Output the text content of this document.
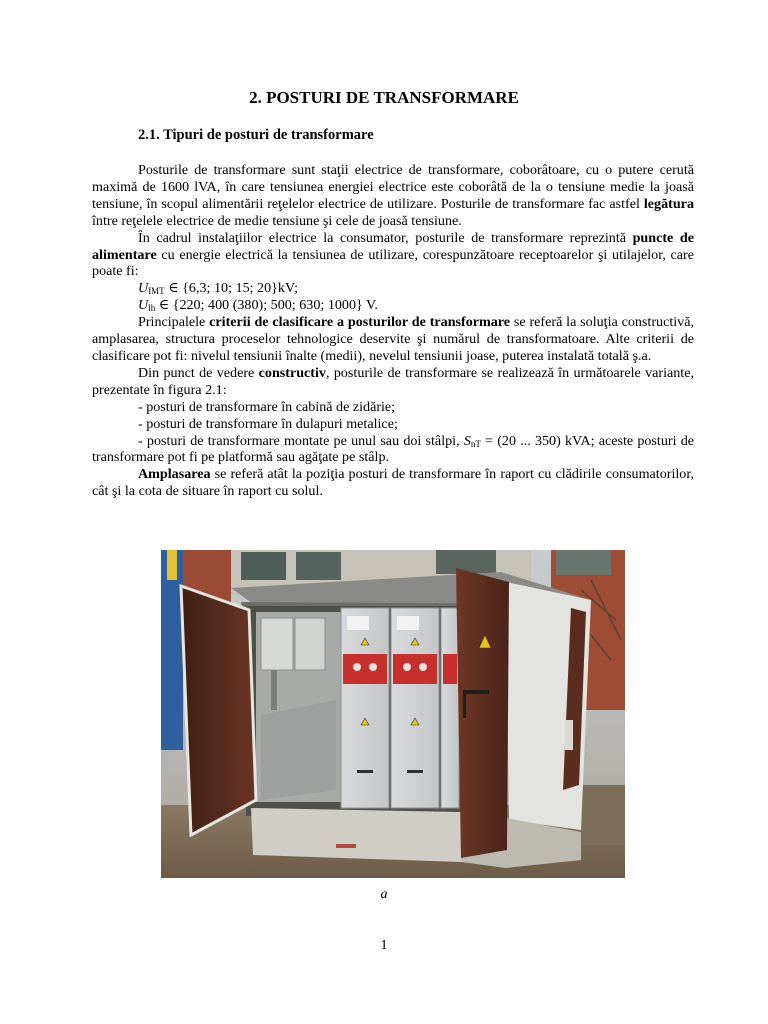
2. POSTURI DE TRANSFORMARE
2.1. Tipuri de posturi de transformare

Posturile de transformare sunt staţii electrice de transformare, coborâtoare, cu o putere cerută maximă de 1600 lVA, în care tensiunea energiei electrice este coborâtă de la o tensiune medie la joasă tensiune, în scopul alimentării reţelelor electrice de utilizare. Posturile de transformare fac astfel legătura între reţelele electrice de medie tensiune şi cele de joasă tensiune.

În cadrul instalaţiilor electrice la consumator, posturile de transformare reprezintă puncte de alimentare cu energie electrică la tensiunea de utilizare, corespunzătoare receptoarelor şi utilajelor, care poate fi:

$U_{IMT}$ ∈ {6,3; 10; 15; 20}kV;

$U_{lh}$ ∈ {220; 400 (380); 500; 630; 1000} V.

Principalele criterii de clasificare a posturilor de transformare se referă la soluţia constructivă, amplasarea, structura proceselor tehnologice deservite şi numărul de transformatoare. Alte criterii de clasificare pot fi: nivelul tensiunii înalte (medii), nevelul tensiunii joase, puterea instalată totală ş.a.

Din punct de vedere constructiv, posturile de transformare se realizează în următoarele variante, prezentate în figura 2.1:

- posturi de transformare în cabină de zidărie;

- posturi de transformare în dulapuri metalice;

- posturi de transformare montate pe unul sau doi stâlpi, $S_{nT} = (20$ ... 350) kVA; aceste posturi de transformare pot fi pe platformă sau agăţate pe stâlp.

Amplasarea se referă atât la poziţia posturi de transformare în raport cu clădirile consumatorilor, cât şi la cota de situare în raport cu solul.

a
1
